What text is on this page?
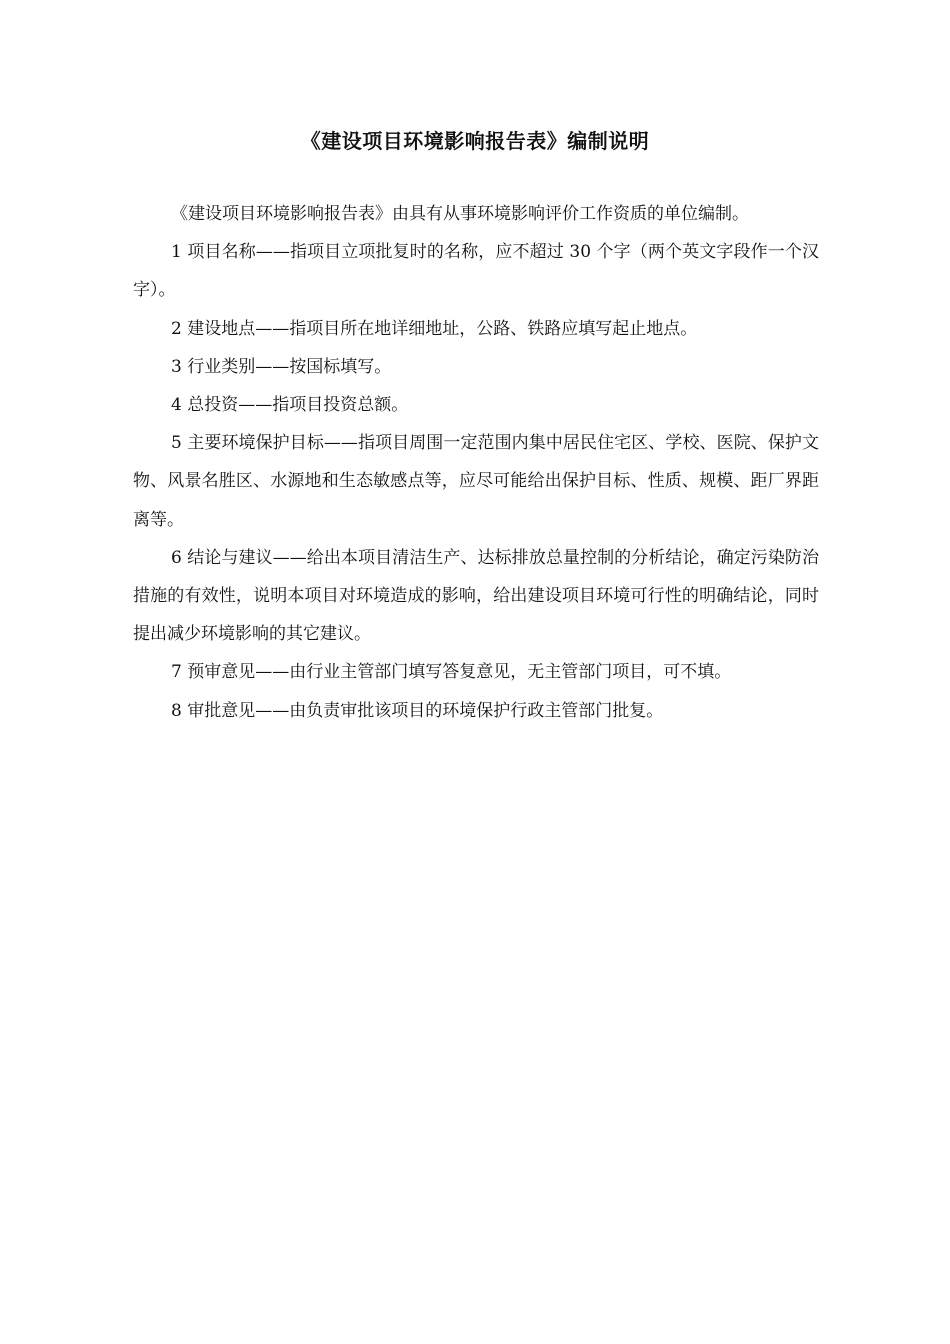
《建设项目环境影响报告表》编制说明

《建设项目环境影响报告表》由具有从事环境影响评价工作资质的单位编制。

1 项目名称——指项目立项批复时的名称，应不超过 30 个字（两个英文字段作一个汉字）。

2 建设地点——指项目所在地详细地址，公路、铁路应填写起止地点。

3 行业类别——按国标填写。

4 总投资——指项目投资总额。

5 主要环境保护目标——指项目周围一定范围内集中居民住宅区、学校、医院、保护文物、风景名胜区、水源地和生态敏感点等，应尽可能给出保护目标、性质、规模、距厂界距离等。

6 结论与建议——给出本项目清洁生产、达标排放总量控制的分析结论，确定污染防治措施的有效性，说明本项目对环境造成的影响，给出建设项目环境可行性的明确结论，同时提出减少环境影响的其它建议。

7 预审意见——由行业主管部门填写答复意见，无主管部门项目，可不填。

8 审批意见——由负责审批该项目的环境保护行政主管部门批复。
